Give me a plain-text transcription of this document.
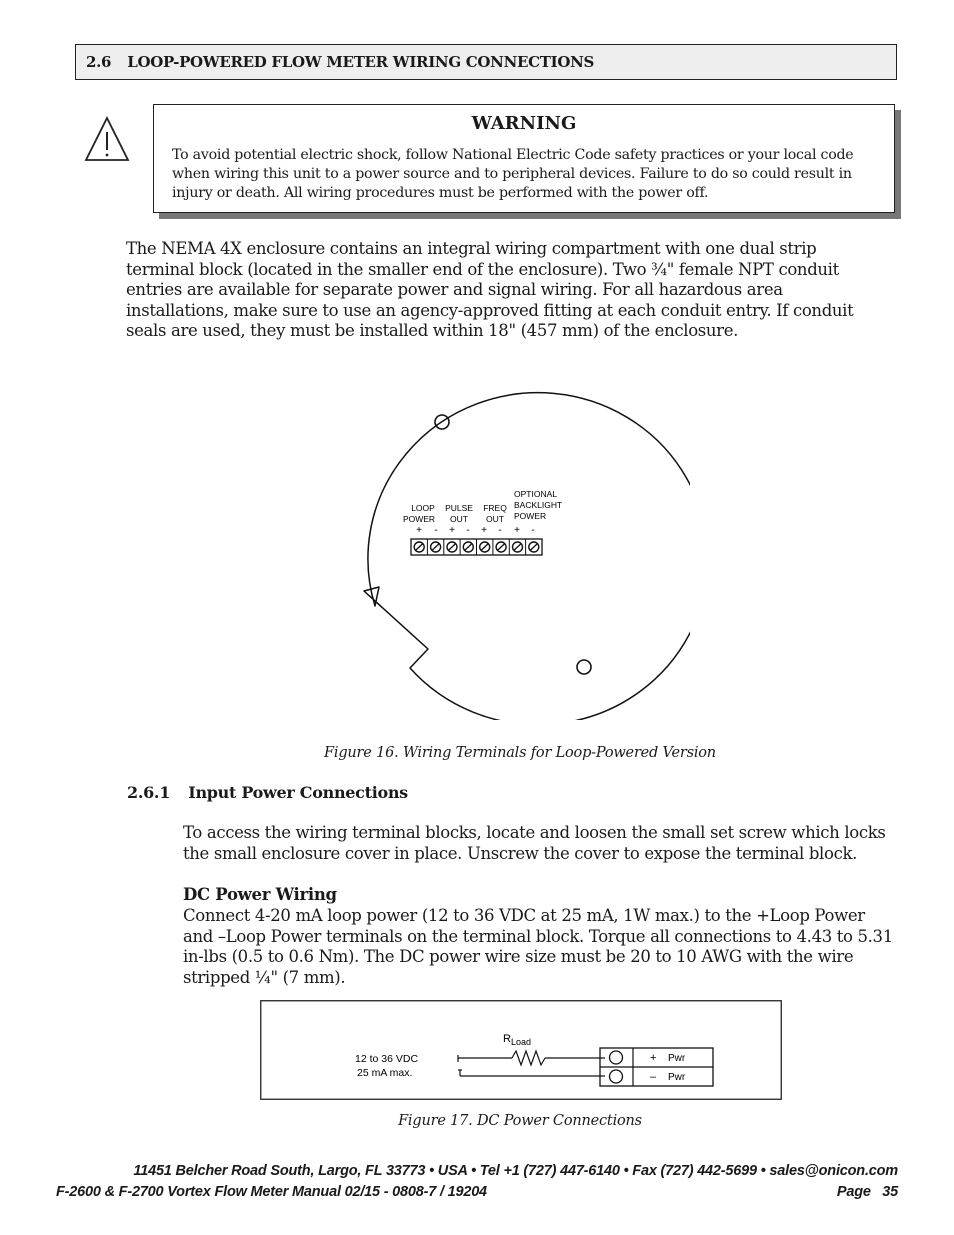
2.6 LOOP-POWERED FLOW METER WIRING CONNECTIONS
WARNING
To avoid potential electric shock, follow National Electric Code safety practices or your local code when wiring this unit to a power source and to peripheral devices. Failure to do so could result in injury or death. All wiring procedures must be performed with the power off.
The NEMA 4X enclosure contains an integral wiring compartment with one dual strip terminal block (located in the smaller end of the enclosure). Two ¾" female NPT conduit entries are available for separate power and signal wiring. For all hazardous area installations, make sure to use an agency-approved fitting at each conduit entry. If conduit seals are used, they must be installed within 18" (457 mm) of the enclosure.
LOOP
POWER
PULSE
OUT
FREQ
OUT
OPTIONAL
BACKLIGHT
POWER
+ - + - + - + -
Figure 16. Wiring Terminals for Loop-Powered Version
2.6.1 Input Power Connections
To access the wiring terminal blocks, locate and loosen the small set screw which locks the small enclosure cover in place. Unscrew the cover to expose the terminal block.
DC Power Wiring
Connect 4-20 mA loop power (12 to 36 VDC at 25 mA, 1W max.) to the +Loop Power and –Loop Power terminals on the terminal block. Torque all connections to 4.43 to 5.31 in-lbs (0.5 to 0.6 Nm). The DC power wire size must be 20 to 10 AWG with the wire stripped ¼" (7 mm).
12 to 36 VDC
25 mA max.
$R_{Load}$
+ Pwr
– Pwr
Figure 17. DC Power Connections
11451 Belcher Road South, Largo, FL 33773 • USA • Tel +1 (727) 447-6140 • Fax (727) 442-5699 • sales@onicon.com
F-2600 & F-2700 Vortex Flow Meter Manual 02/15 - 0808-7 / 19204	Page 35
